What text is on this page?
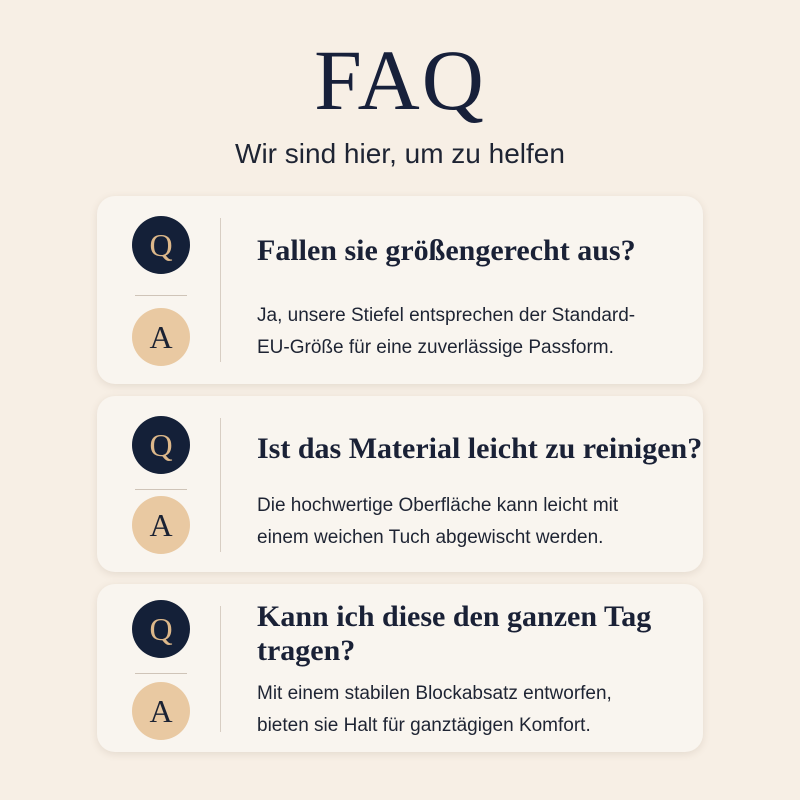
FAQ
Wir sind hier, um zu helfen
Q
A
Fallen sie größengerecht aus?
Ja, unsere Stiefel entsprechen der Standard-
EU-Größe für eine zuverlässige Passform.
Q
A
Ist das Material leicht zu reinigen?
Die hochwertige Oberfläche kann leicht mit
einem weichen Tuch abgewischt werden.
Q
A
Kann ich diese den ganzen Tag tragen?
Mit einem stabilen Blockabsatz entworfen,
bieten sie Halt für ganztägigen Komfort.
